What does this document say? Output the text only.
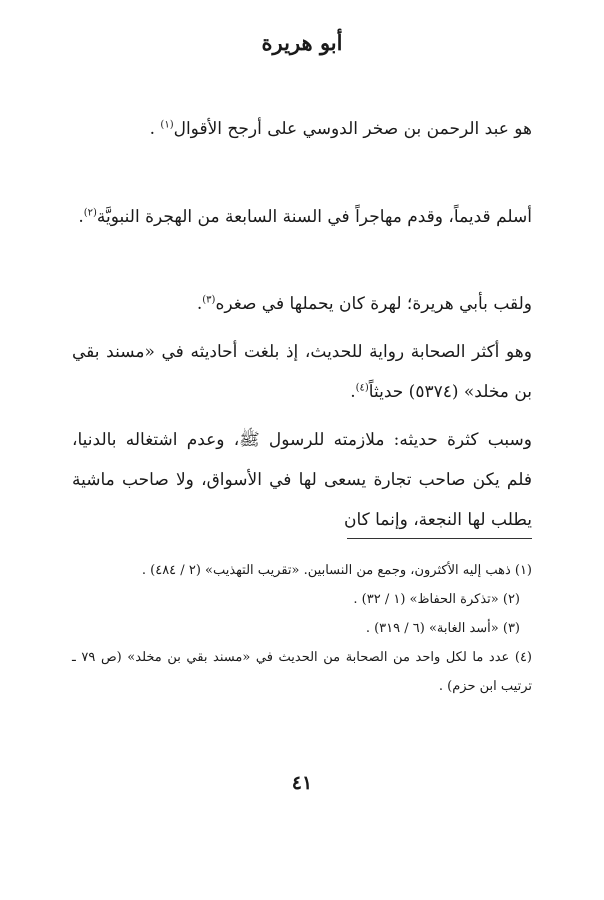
أبو هريرة

هو عبد الرحمن بن صخر الدوسي على أرجح الأقوال$^{(١)}$ .

أسلم قديماً، وقدم مهاجراً في السنة السابعة من الهجرة النبويَّة$^{(٢)}$.

ولقب بأبي هريرة؛ لهرة كان يحملها في صغره$^{(٣)}$.

وهو أكثر الصحابة رواية للحديث، إذ بلغت أحاديثه في «مسند بقي بن مخلد» (٥٣٧٤) حديثاً$^{(٤)}$.

وسبب كثرة حديثه: ملازمته للرسول ﷺ، وعدم اشتغاله بالدنيا، فلم يكن صاحب تجارة يسعى لها في الأسواق، ولا صاحب ماشية يطلب لها النجعة، وإنما كان

(١) ذهب إليه الأكثرون، وجمع من النسابين. «تقريب التهذيب» (٢ / ٤٨٤) .

(٢) «تذكرة الحفاظ» (١ / ٣٢) .

(٣) «أسد الغابة» (٦ / ٣١٩) .

(٤) عدد ما لكل واحد من الصحابة من الحديث في «مسند بقي بن مخلد» (ص ٧٩ ـ ترتيب ابن حزم) .

٤١
